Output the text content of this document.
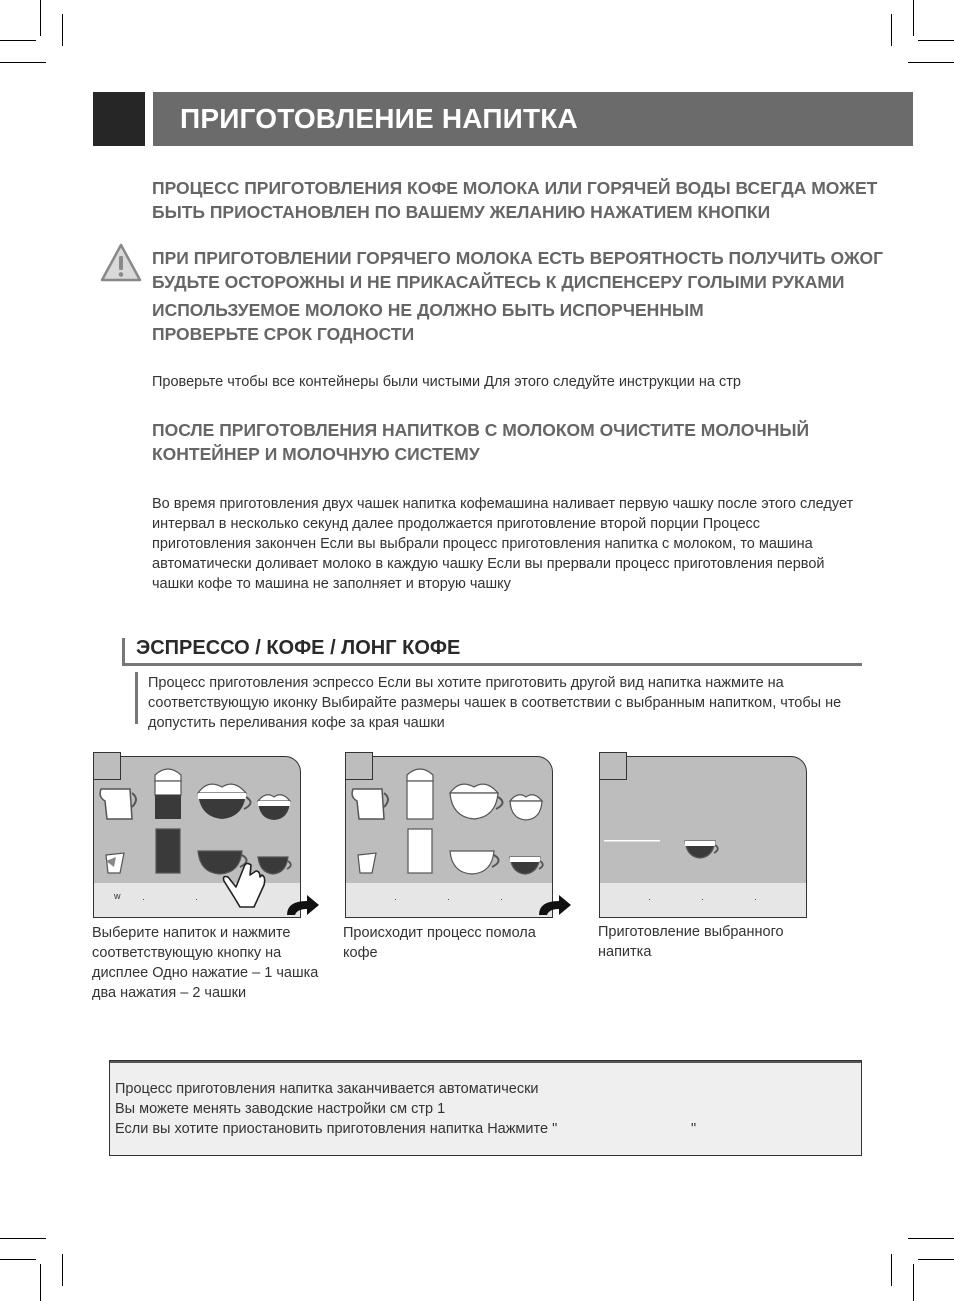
ПРИГОТОВЛЕНИЕ НАПИТКА
ПРОЦЕСС ПРИГОТОВЛЕНИЯ КОФЕ МОЛОКА ИЛИ ГОРЯЧЕЙ ВОДЫ ВСЕГДА МОЖЕТ
БЫТЬ ПРИОСТАНОВЛЕН ПО ВАШЕМУ ЖЕЛАНИЮ НАЖАТИЕМ КНОПКИ
ПРИ ПРИГОТОВЛЕНИИ ГОРЯЧЕГО МОЛОКА ЕСТЬ ВЕРОЯТНОСТЬ ПОЛУЧИТЬ ОЖОГ
БУДЬТЕ ОСТОРОЖНЫ И НЕ ПРИКАСАЙТЕСЬ К ДИСПЕНСЕРУ ГОЛЫМИ РУКАМИ
ИСПОЛЬЗУЕМОЕ МОЛОКО НЕ ДОЛЖНО БЫТЬ ИСПОРЧЕННЫМ
ПРОВЕРЬТЕ СРОК ГОДНОСТИ
Проверьте чтобы все контейнеры были чистыми Для этого следуйте инструкции на стр
ПОСЛЕ ПРИГОТОВЛЕНИЯ НАПИТКОВ С МОЛОКОМ ОЧИСТИТЕ МОЛОЧНЫЙ
КОНТЕЙНЕР И МОЛОЧНУЮ СИСТЕМУ
Во время приготовления двух чашек напитка кофемашина наливает первую чашку после этого следует
интервал в несколько секунд далее продолжается приготовление второй порции Процесс
приготовления закончен Если вы выбрали процесс приготовления напитка с молоком, то машина
автоматически доливает молоко в каждую чашку Если вы прервали процесс приготовления первой
чашки кофе то машина не заполняет и вторую чашку
ЭСПРЕССО / КОФЕ / ЛОНГ КОФЕ
Процесс приготовления эспрессо Если вы хотите приготовить другой вид напитка нажмите на
соответствующую иконку Выбирайте размеры чашек в соответствии с выбранным напитком, чтобы не
допустить переливания кофе за края чашки
w ·	·	·	·	·	·	·	·
Выберите напиток и нажмите
соответствующую кнопку на
дисплее Одно нажатие – 1 чашка
два нажатия – 2 чашки
Происходит процесс помола
кофе
Приготовление выбранного
напитка
Процесс приготовления напитка заканчивается автоматически
Вы можете менять заводские настройки см стр 1
Если вы хотите приостановить приготовления напитка Нажмите "	"
